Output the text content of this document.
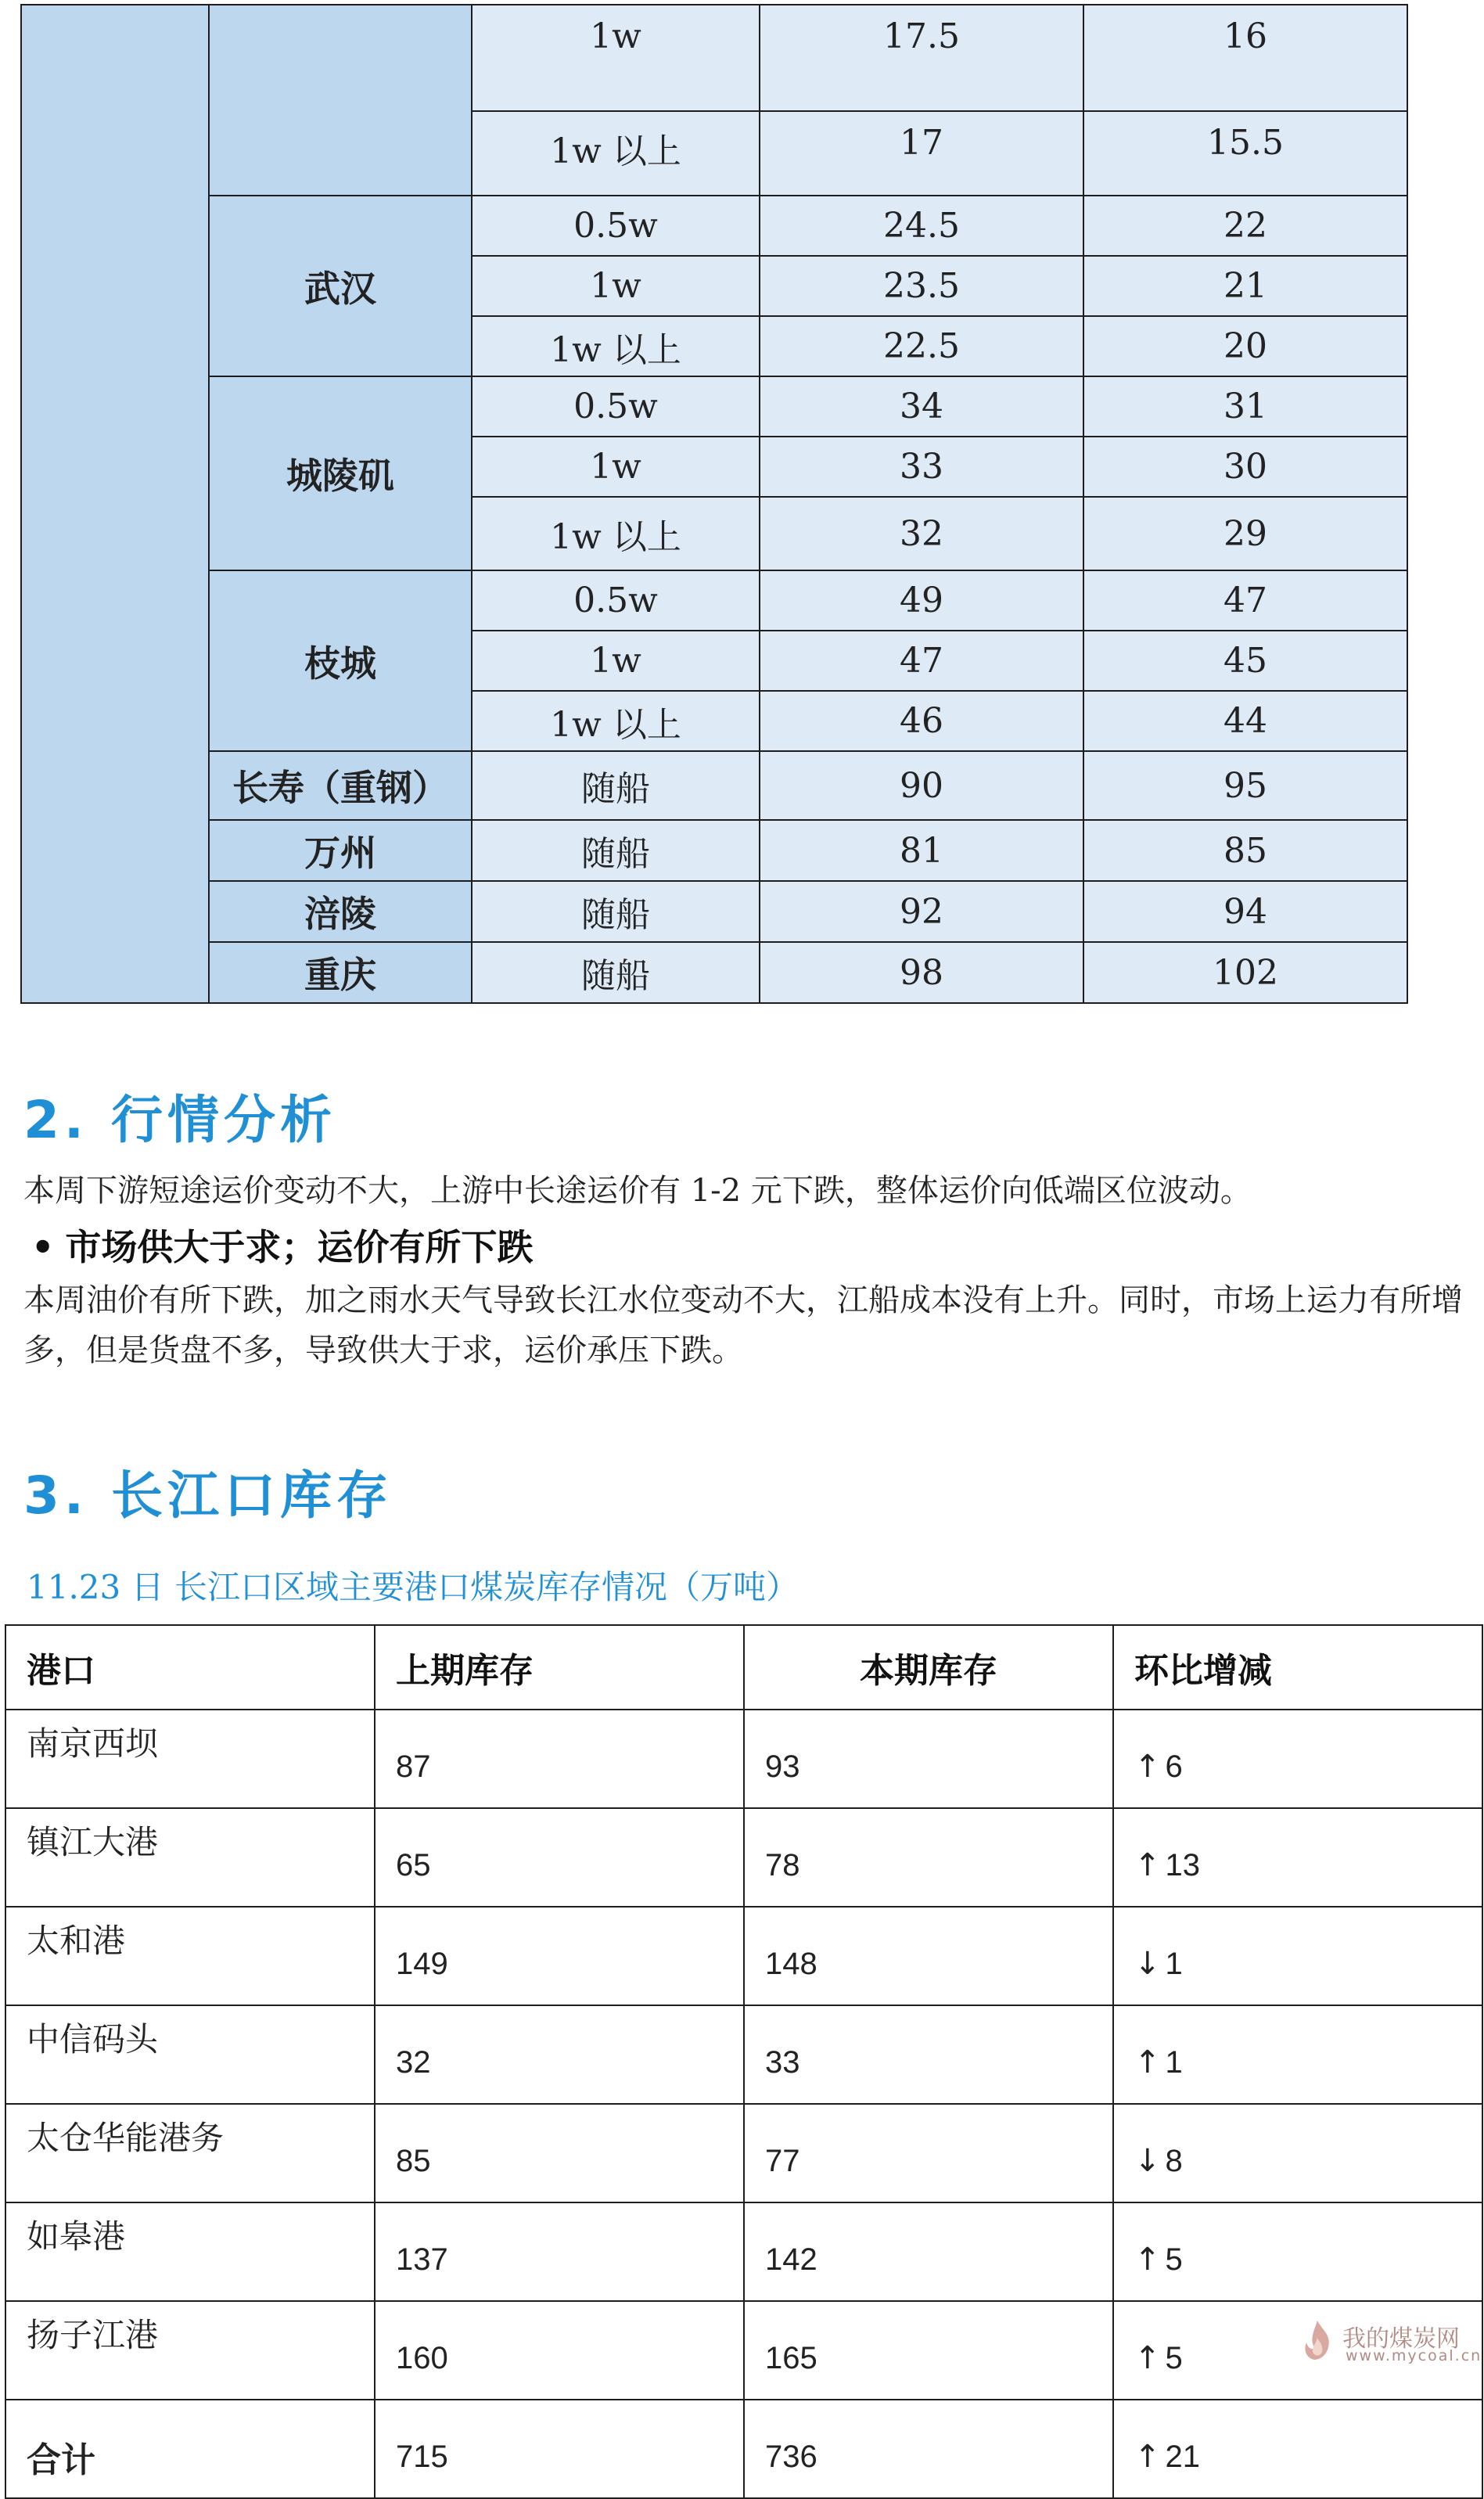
		1w	17.5	16
		1w 以上	17	15.5
	武汉	0.5w	24.5	22
		1w	23.5	21
		1w 以上	22.5	20
	城陵矶	0.5w	34	31
		1w	33	30
		1w 以上	32	29
	枝城	0.5w	49	47
		1w	47	45
		1w 以上	46	44
	长寿（重钢）	随船	90	95
	万州	随船	81	85
	涪陵	随船	92	94
	重庆	随船	98	102
2. 行情分析

本周下游短途运价变动不大，上游中长途运价有 1-2 元下跌，整体运价向低端区位波动。

• 市场供大于求；运价有所下跌

本周油价有所下跌，加之雨水天气导致长江水位变动不大，江船成本没有上升。同时，市场上运力有所增多，但是货盘不多，导致供大于求，运价承压下跌。

3. 长江口库存

11.23 日 长江口区域主要港口煤炭库存情况（万吨）

港口	上期库存	本期库存	环比增减
南京西坝	87	93	↑ 6
镇江大港	65	78	↑ 13
太和港	149	148	↓ 1
中信码头	32	33	↑ 1
太仓华能港务	85	77	↓ 8
如皋港	137	142	↑ 5
扬子江港	160	165	↑ 5
合计	715	736	↑ 21
我的煤炭网
www.mycoal.cn
